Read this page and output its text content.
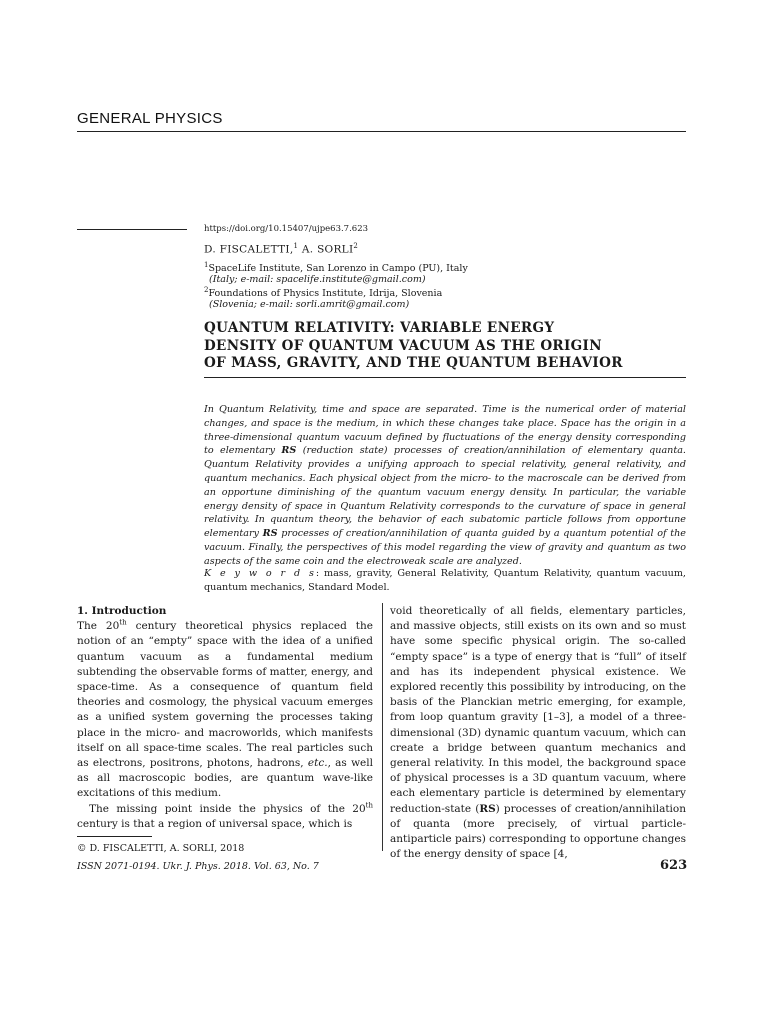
GENERAL PHYSICS
https://doi.org/10.15407/ujpe63.7.623
D. FISCALETTI,$^1$ A. SORLI$^2$
$^1$SpaceLife Institute, San Lorenzo in Campo (PU), Italy
(Italy; e-mail: spacelife.institute@gmail.com)
$^2$Foundations of Physics Institute, Idrija, Slovenia
(Slovenia; e-mail: sorli.amrit@gmail.com)
QUANTUM RELATIVITY: VARIABLE ENERGY
DENSITY OF QUANTUM VACUUM AS THE ORIGIN
OF MASS, GRAVITY, AND THE QUANTUM BEHAVIOR
In Quantum Relativity, time and space are separated. Time is the numerical order of material changes, and space is the medium, in which these changes take place. Space has the origin in a three-dimensional quantum vacuum defined by fluctuations of the energy density corresponding to elementary RS (reduction state) processes of creation/annihilation of elementary quanta. Quantum Relativity provides a unifying approach to special relativity, general relativity, and quantum mechanics. Each physical object from the micro- to the macroscale can be derived from an opportune diminishing of the quantum vacuum energy density. In particular, the variable energy density of space in Quantum Relativity corresponds to the curvature of space in general relativity. In quantum theory, the behavior of each subatomic particle follows from opportune elementary RS processes of creation/annihilation of quanta guided by a quantum potential of the vacuum. Finally, the perspectives of this model regarding the view of gravity and quantum as two aspects of the same coin and the electroweak scale are analyzed.
K e y w o r d s: mass, gravity, General Relativity, Quantum Relativity, quantum vacuum, quantum mechanics, Standard Model.

1. Introduction

The 20th century theoretical physics replaced the notion of an “empty” space with the idea of a unified quantum vacuum as a fundamental medium subtending the observable forms of matter, energy, and space-time. As a consequence of quantum field theories and cosmology, the physical vacuum emerges as a unified system governing the processes taking place in the micro- and macroworlds, which manifests itself on all space-time scales. The real particles such as electrons, positrons, photons, hadrons, etc., as well as all macroscopic bodies, are quantum wave-like excitations of this medium.

The missing point inside the physics of the 20th century is that a region of universal space, which is

void theoretically of all fields, elementary particles, and massive objects, still exists on its own and so must have some specific physical origin. The so-called “empty space” is a type of energy that is “full” of itself and has its independent physical existence. We explored recently this possibility by introducing, on the basis of the Planckian metric emerging, for example, from loop quantum gravity [1–3], a model of a three-dimensional (3D) dynamic quantum vacuum, which can create a bridge between quantum mechanics and general relativity. In this model, the background space of physical processes is a 3D quantum vacuum, where each elementary particle is determined by elementary reduction-state (RS) processes of creation/annihilation of quanta (more precisely, of virtual particle-antiparticle pairs) corresponding to opportune changes of the energy density of space [4,

© D. FISCALETTI, A. SORLI, 2018
ISSN 2071-0194. Ukr. J. Phys. 2018. Vol. 63, No. 7	623
